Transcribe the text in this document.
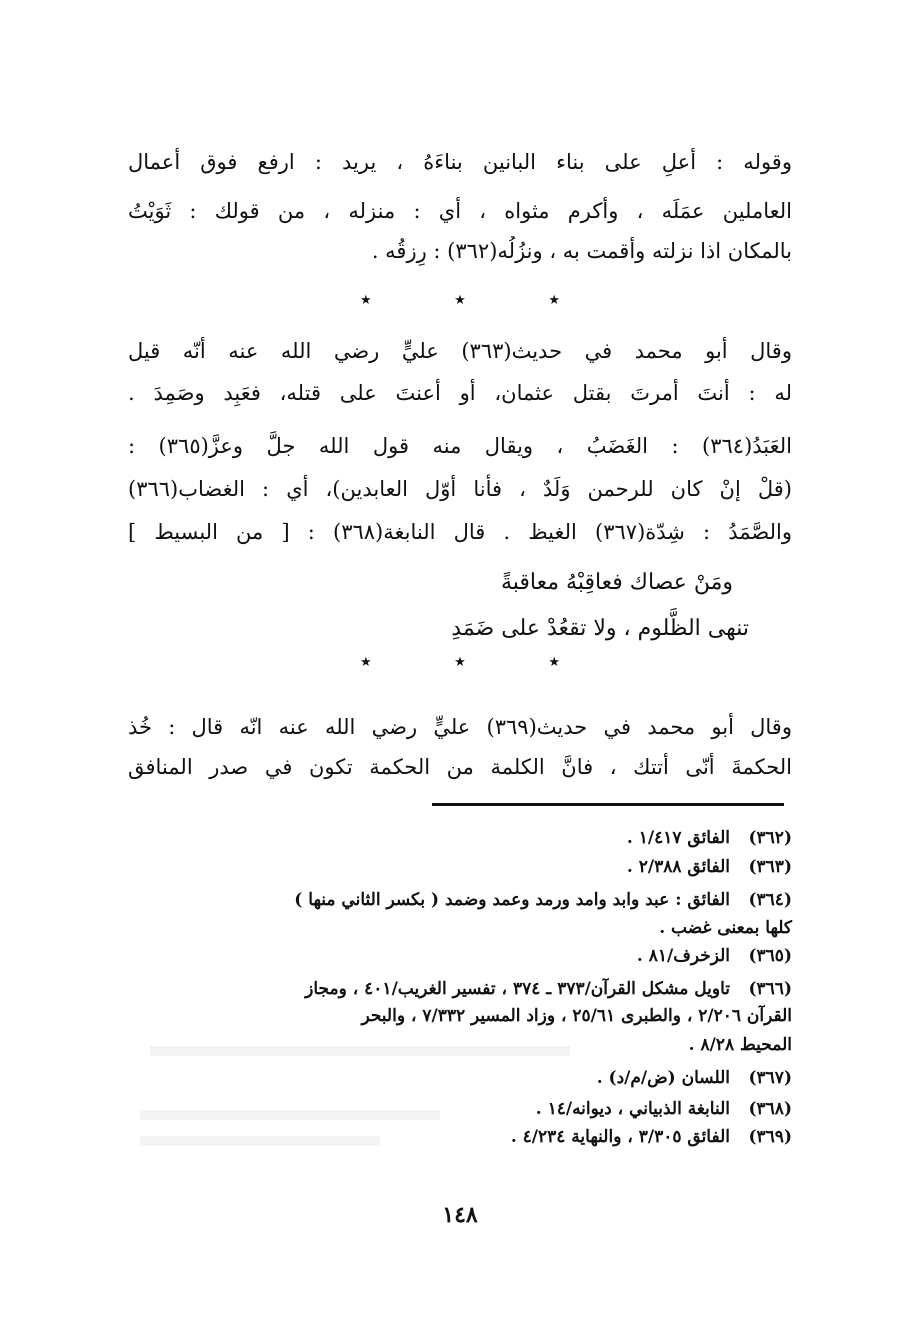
وقوله : أعلِ على بناء البانين بناءَهُ ، يريد : ارفع فوق أعمال
العاملين عمَلَه ، وأكرم مثواه ، أي : منزله ، من قولك : ثَوَيْتُ
بالمكان اذا نزلته وأقمت به ، ونزُلُه(٣٦٢) : رِزقُه .
★	★	★
وقال أبو محمد في حديث(٣٦٣) عليٍّ رضي الله عنه أنّه قيل
له : أنتَ أمرتَ بقتل عثمان، أو أعنتَ على قتله، فعَبِد وصَمِدَ .
العَبَدُ(٣٦٤) : الغَضَبُ ، ويقال منه قول الله جلَّ وعزَّ(٣٦٥) :
(قلْ إنْ كان للرحمن وَلَدٌ ، فأنا أوّل العابدين)، أي : الغضاب(٣٦٦)
والصَّمَدُ : شِدّة(٣٦٧) الغيظ . قال النابغة(٣٦٨) : [ من البسيط ]
ومَنْ عصاك فعاقِبْهُ معاقبةً
تنهى الظَّلوم ، ولا تقعُدْ على ضَمَدِ
★	★	★
وقال أبو محمد في حديث(٣٦٩) عليٍّ رضي الله عنه انّه قال : خُذ
الحكمةَ أنّى أتتك ، فانَّ الكلمة من الحكمة تكون في صدر المنافق
(٣٦٢)الفائق ١/٤١٧ .
(٣٦٣)الفائق ٢/٣٨٨ .
(٣٦٤)الفائق : عبد وابد وامد ورمد وعمد وضمد ( بكسر الثاني منها )
كلها بمعنى غضب .
(٣٦٥)الزخرف/٨١ .
(٣٦٦)تاويل مشكل القرآن/٣٧٣ ـ ٣٧٤ ، تفسير الغريب/٤٠١ ، ومجاز
القرآن ٢/٢٠٦ ، والطبرى ٢٥/٦١ ، وزاد المسير ٧/٣٣٢ ، والبحر
المحيط ٨/٢٨ .
(٣٦٧)اللسان (ض/م/د) .
(٣٦٨)النابغة الذبياني ، ديوانه/١٤ .
(٣٦٩)الفائق ٣/٣٠٥ ، والنهاية ٤/٢٣٤ .
١٤٨
